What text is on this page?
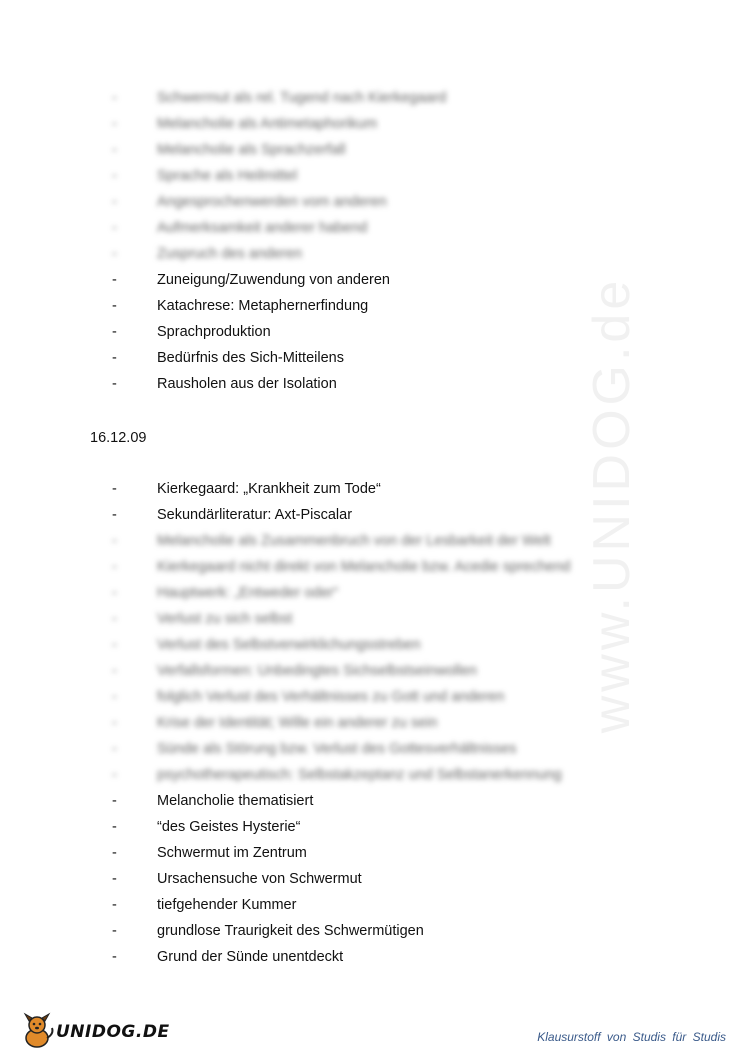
www.UNIDOG.de
-	Schwermut als rel. Tugend nach Kierkegaard
-	Melancholie als Antimetaphorikum
-	Melancholie als Sprachzerfall
-	Sprache als Heilmittel
-	Angesprochenwerden vom anderen
-	Aufmerksamkeit anderer habend
-	Zuspruch des anderen
-	Zuneigung/Zuwendung von anderen
-	Katachrese: Metaphernerfindung
-	Sprachproduktion
-	Bedürfnis des Sich-Mitteilens
-	Rausholen aus der Isolation
16.12.09
-	Kierkegaard: „Krankheit zum Tode“
-	Sekundärliteratur: Axt-Piscalar
-	Melancholie als Zusammenbruch von der Lesbarkeit der Welt
-	Kierkegaard nicht direkt von Melancholie bzw. Acedie sprechend
-	Hauptwerk: „Entweder oder“
-	Verlust zu sich selbst
-	Verlust des Selbstverwirklichungsstreben
-	Verfallsformen: Unbedingtes Sichselbstseinwollen
-	folglich Verlust des Verhältnisses zu Gott und anderen
-	Krise der Identität; Wille ein anderer zu sein
-	Sünde als Störung bzw. Verlust des Gottesverhältnisses
-	psychotherapeutisch: Selbstakzeptanz und Selbstanerkennung
-	Melancholie thematisiert
-	“des Geistes Hysterie“
-	Schwermut im Zentrum
-	Ursachensuche von Schwermut
-	tiefgehender Kummer
-	grundlose Traurigkeit des Schwermütigen
-	Grund der Sünde unentdeckt
UNIDOG.DE	Klausurstoff von Studis für Studis
